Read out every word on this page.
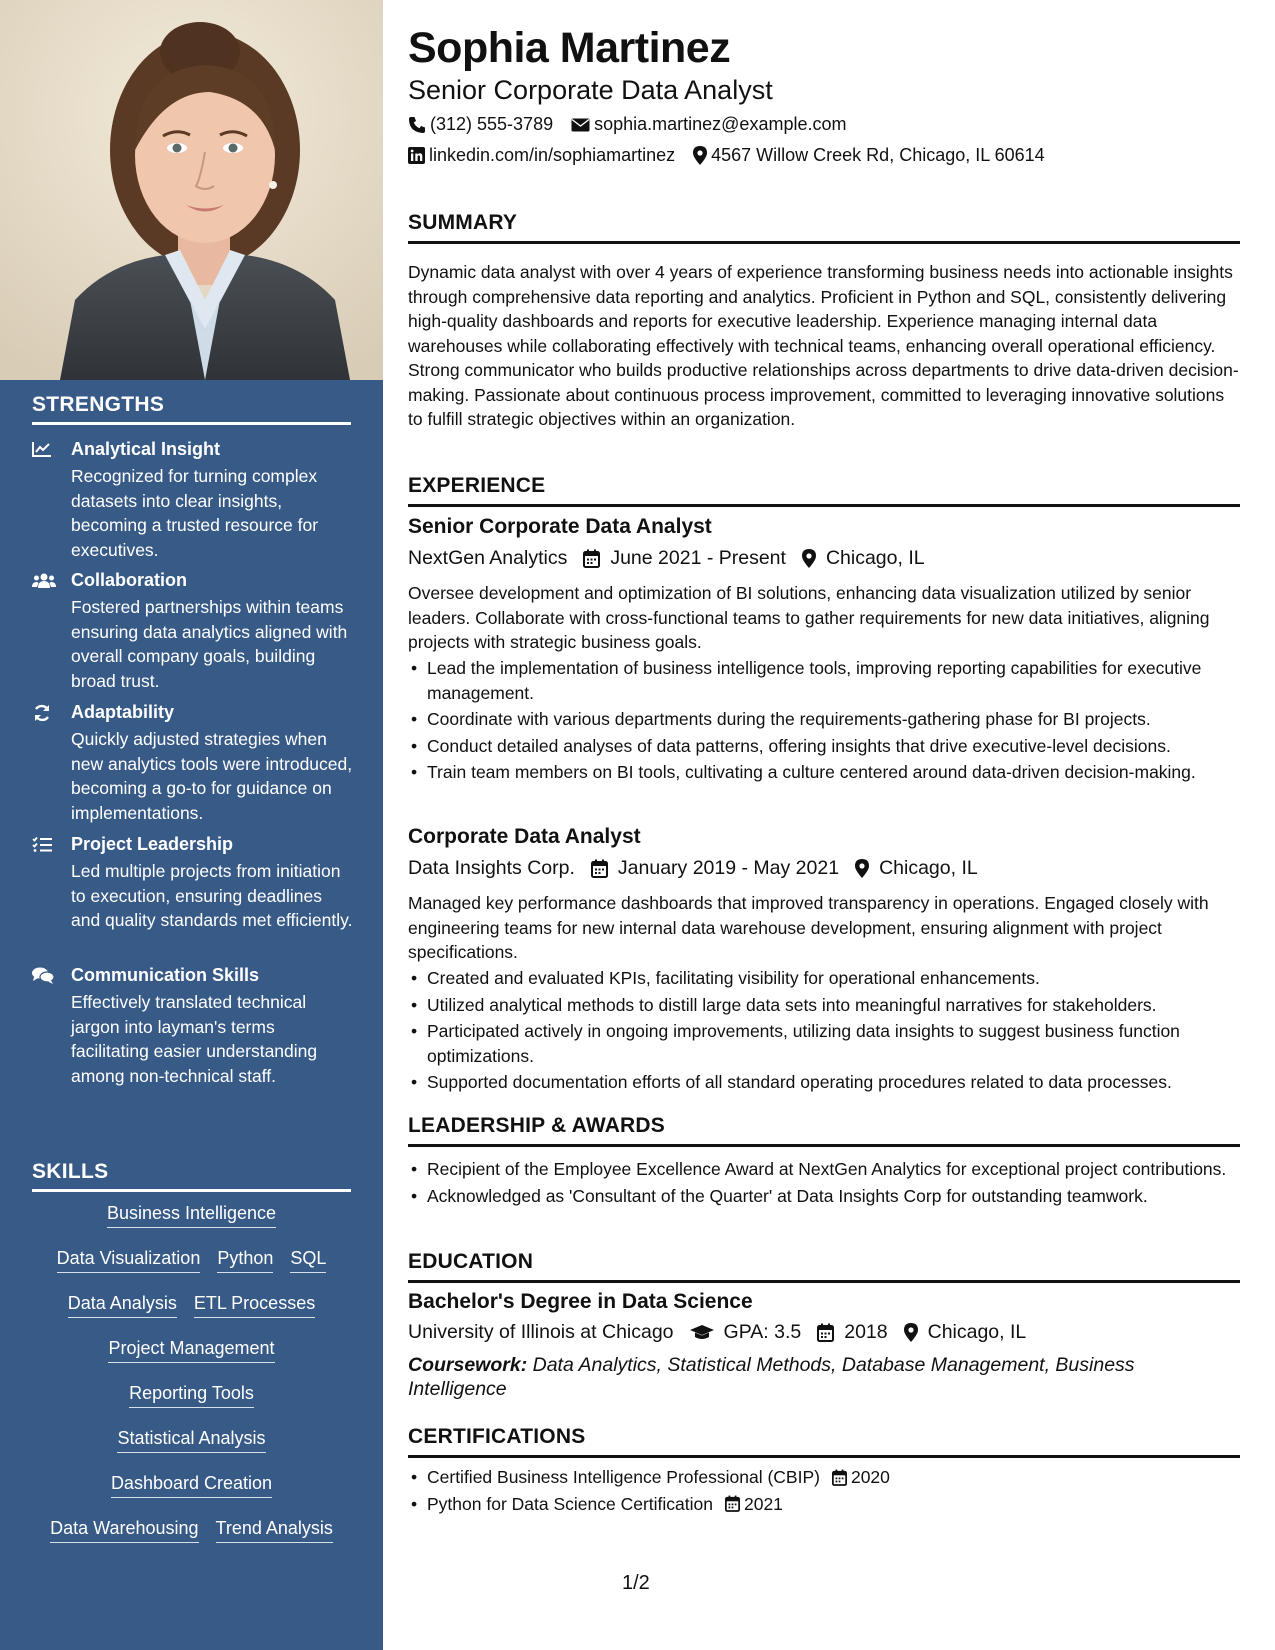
STRENGTHS
Analytical Insight
Recognized for turning complex datasets into clear insights, becoming a trusted resource for executives.
Collaboration
Fostered partnerships within teams ensuring data analytics aligned with overall company goals, building broad trust.
Adaptability
Quickly adjusted strategies when new analytics tools were introduced, becoming a go-to for guidance on implementations.
Project Leadership
Led multiple projects from initiation to execution, ensuring deadlines and quality standards met efficiently.
Communication Skills
Effectively translated technical jargon into layman's terms facilitating easier understanding among non-technical staff.
SKILLS
Business Intelligence
Data Visualization Python SQL
Data Analysis ETL Processes
Project Management
Reporting Tools
Statistical Analysis
Dashboard Creation
Data Warehousing Trend Analysis
Sophia Martinez
Senior Corporate Data Analyst
(312) 555-3789 sophia.martinez@example.com
linkedin.com/in/sophiamartinez 4567 Willow Creek Rd, Chicago, IL 60614
SUMMARY
Dynamic data analyst with over 4 years of experience transforming business needs into actionable insights through comprehensive data reporting and analytics. Proficient in Python and SQL, consistently delivering high-quality dashboards and reports for executive leadership. Experience managing internal data warehouses while collaborating effectively with technical teams, enhancing overall operational efficiency. Strong communicator who builds productive relationships across departments to drive data-driven decision-making. Passionate about continuous process improvement, committed to leveraging innovative solutions to fulfill strategic objectives within an organization.
EXPERIENCE
Senior Corporate Data Analyst
NextGen Analytics June 2021 - Present Chicago, IL
Oversee development and optimization of BI solutions, enhancing data visualization utilized by senior leaders. Collaborate with cross-functional teams to gather requirements for new data initiatives, aligning projects with strategic business goals.
• Lead the implementation of business intelligence tools, improving reporting capabilities for executive management.
• Coordinate with various departments during the requirements-gathering phase for BI projects.
• Conduct detailed analyses of data patterns, offering insights that drive executive-level decisions.
• Train team members on BI tools, cultivating a culture centered around data-driven decision-making.
Corporate Data Analyst
Data Insights Corp. January 2019 - May 2021 Chicago, IL
Managed key performance dashboards that improved transparency in operations. Engaged closely with engineering teams for new internal data warehouse development, ensuring alignment with project specifications.
• Created and evaluated KPIs, facilitating visibility for operational enhancements.
• Utilized analytical methods to distill large data sets into meaningful narratives for stakeholders.
• Participated actively in ongoing improvements, utilizing data insights to suggest business function optimizations.
• Supported documentation efforts of all standard operating procedures related to data processes.
LEADERSHIP & AWARDS
• Recipient of the Employee Excellence Award at NextGen Analytics for exceptional project contributions.
• Acknowledged as 'Consultant of the Quarter' at Data Insights Corp for outstanding teamwork.
EDUCATION
Bachelor's Degree in Data Science
University of Illinois at Chicago	GPA: 3.5 2018 Chicago, IL
Coursework: Data Analytics, Statistical Methods, Database Management, Business Intelligence
CERTIFICATIONS
• Certified Business Intelligence Professional (CBIP) 2020
• Python for Data Science Certification 2021
1/2
